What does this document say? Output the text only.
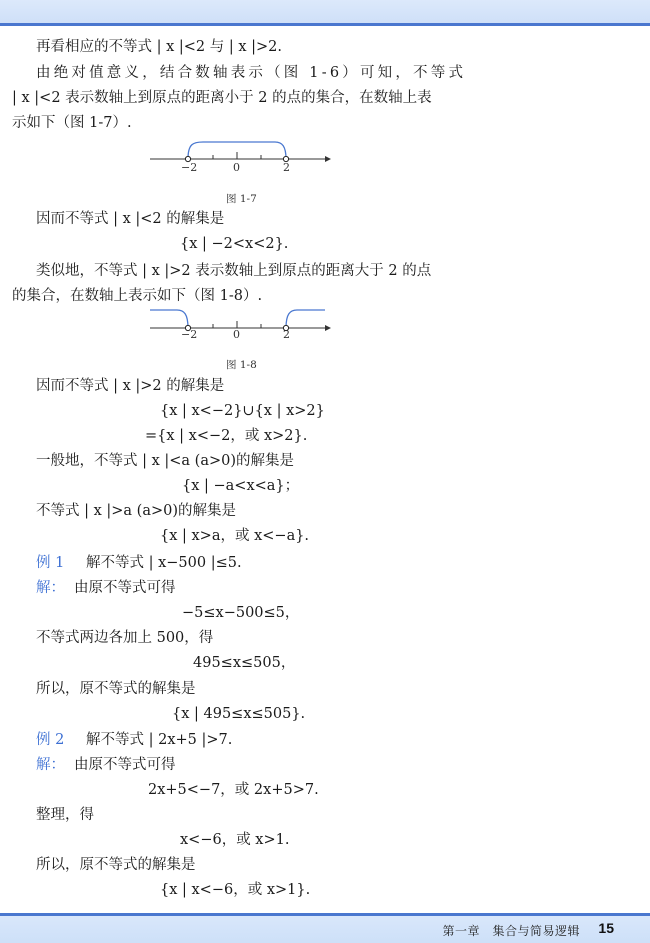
再看相应的不等式 | x |<2 与 | x |>2.
由绝对值意义，结合数轴表示（图 1-6）可知，不等式
| x |<2 表示数轴上到原点的距离小于 2 的点的集合，在数轴上表
示如下（图 1-7）.
−2	0	2
图 1-7
因而不等式 | x |<2 的解集是
{x | −2<x<2}.
类似地，不等式 | x |>2 表示数轴上到原点的距离大于 2 的点
的集合，在数轴上表示如下（图 1-8）.
−2	0	2
图 1-8
因而不等式 | x |>2 的解集是
{x | x<−2}∪{x | x>2}
={x | x<−2，或 x>2}.
一般地，不等式 | x |<a (a>0)的解集是
{x | −a<x<a}；
不等式 | x |>a (a>0)的解集是
{x | x>a，或 x<−a}.
例 1 解不等式 | x−500 |≤5.
解： 由原不等式可得
−5≤x−500≤5，
不等式两边各加上 500，得
495≤x≤505，
所以，原不等式的解集是
{x | 495≤x≤505}.
例 2 解不等式 | 2x+5 |>7.
解： 由原不等式可得
2x+5<−7，或 2x+5>7.
整理，得
x<−6，或 x>1.
所以，原不等式的解集是
{x | x<−6，或 x>1}.
第一章　集合与简易逻辑 15
